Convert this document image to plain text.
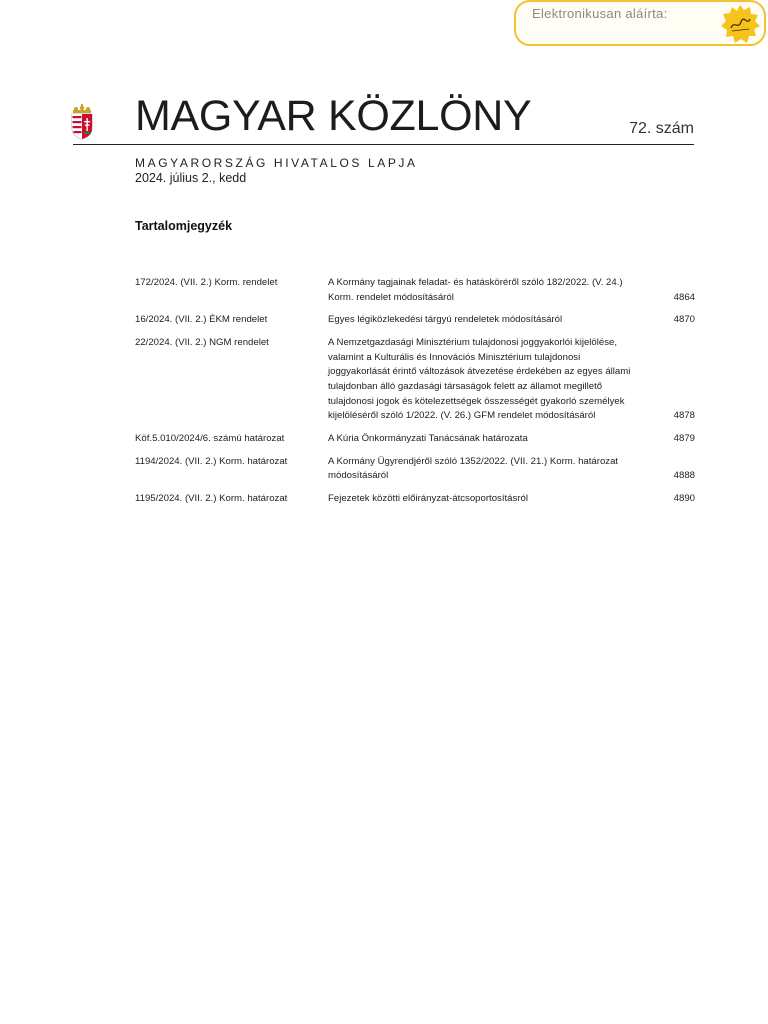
Elektronikusan aláírta:
MAGYAR KÖZLÖNY	72. szám
MAGYARORSZÁG HIVATALOS LAPJA
2024. július 2., kedd
Tartalomjegyzék
172/2024. (VII. 2.) Korm. rendelet	A Kormány tagjainak feladat- és hatásköréről szóló 182/2022. (V. 24.) Korm. rendelet módosításáról	4864
16/2024. (VII. 2.) ÉKM rendelet	Egyes légiközlekedési tárgyú rendeletek módosításáról	4870
22/2024. (VII. 2.) NGM rendelet	A Nemzetgazdasági Minisztérium tulajdonosi joggyakorlói kijelölése, valamint a Kulturális és Innovációs Minisztérium tulajdonosi joggyakorlását érintő változások átvezetése érdekében az egyes állami tulajdonban álló gazdasági társaságok felett az államot megillető tulajdonosi jogok és kötelezettségek összességét gyakorló személyek kijelöléséről szóló 1/2022. (V. 26.) GFM rendelet módosításáról	4878
Köf.5.010/2024/6. számú határozat	A Kúria Önkormányzati Tanácsának határozata	4879
1194/2024. (VII. 2.) Korm. határozat	A Kormány Ügyrendjéről szóló 1352/2022. (VII. 21.) Korm. határozat módosításáról	4888
1195/2024. (VII. 2.) Korm. határozat	Fejezetek közötti előirányzat-átcsoportosításról	4890
